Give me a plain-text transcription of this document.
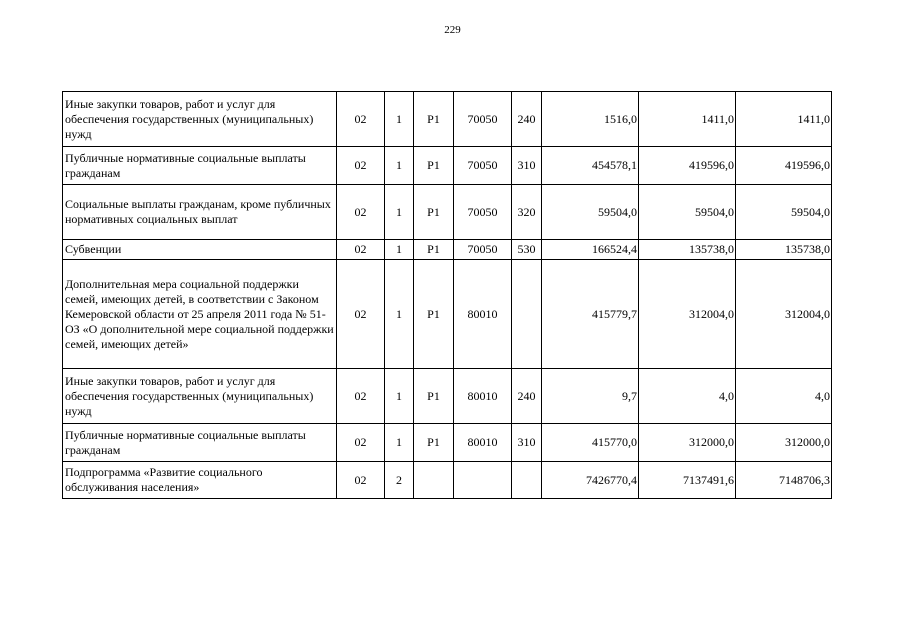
229
Иные закупки товаров, работ и услуг для обеспечения государственных (муниципальных) нужд	02	1	P1	70050	240	1516,0	1411,0	1411,0
Публичные нормативные социальные выплаты гражданам	02	1	P1	70050	310	454578,1	419596,0	419596,0
Социальные выплаты гражданам, кроме публичных нормативных социальных выплат	02	1	P1	70050	320	59504,0	59504,0	59504,0
Субвенции	02	1	P1	70050	530	166524,4	135738,0	135738,0
Дополнительная мера социальной поддержки семей, имеющих детей, в соответствии с Законом Кемеровской области от 25 апреля 2011 года № 51-ОЗ «О дополнительной мере социальной поддержки семей, имеющих детей»	02	1	P1	80010		415779,7	312004,0	312004,0
Иные закупки товаров, работ и услуг для обеспечения государственных (муниципальных) нужд	02	1	P1	80010	240	9,7	4,0	4,0
Публичные нормативные социальные выплаты гражданам	02	1	P1	80010	310	415770,0	312000,0	312000,0
Подпрограмма «Развитие социального обслуживания населения»	02	2				7426770,4	7137491,6	7148706,3
